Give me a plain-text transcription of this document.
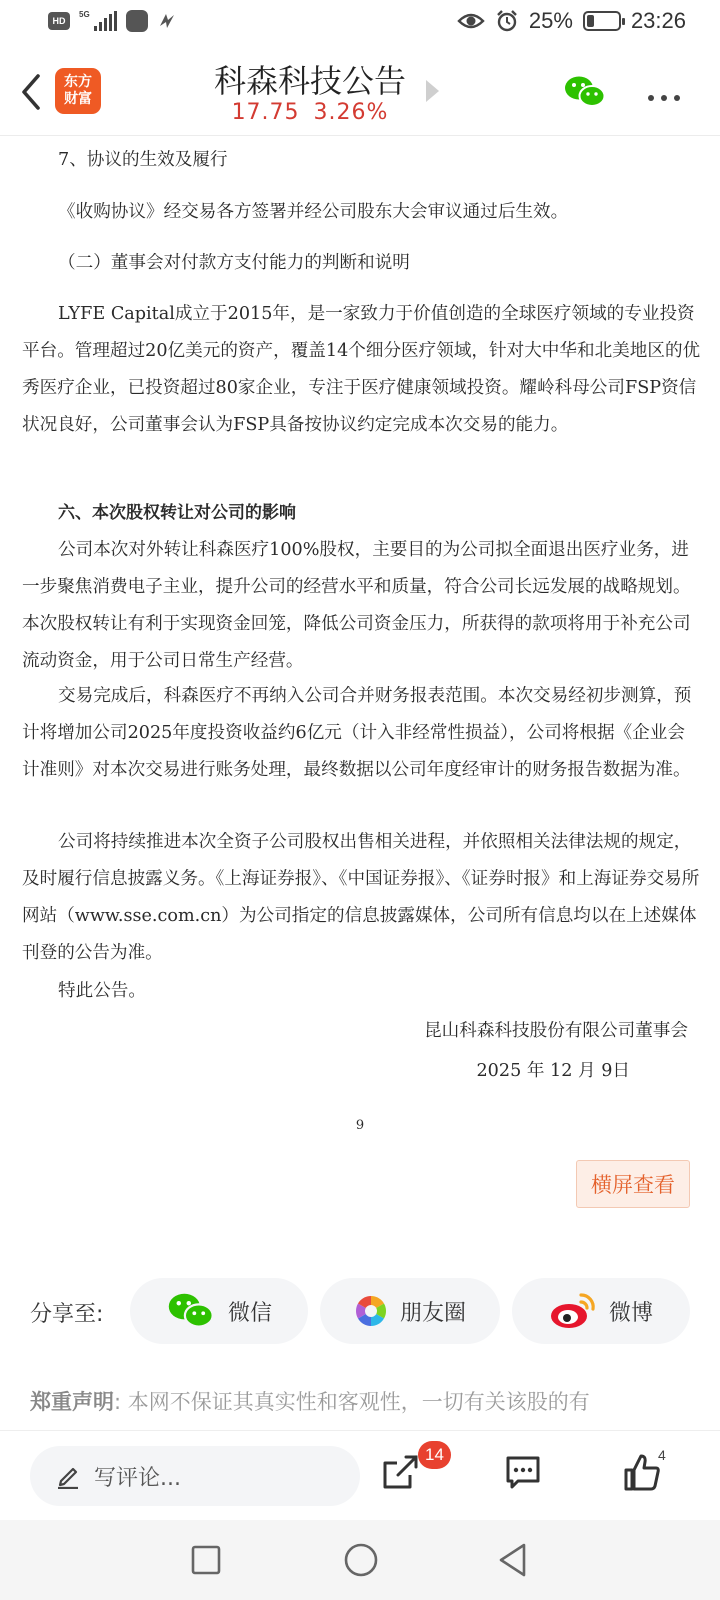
HD
5G	25%	23:26
东方
财富	科森科技公告
17.75 3.26%

7、协议的生效及履行

《收购协议》经交易各方签署并经公司股东大会审议通过后生效。

（二）董事会对付款方支付能力的判断和说明

LYFE Capital成立于2015年，是一家致力于价值创造的全球医疗领域的专业投资平台。管理超过20亿美元的资产，覆盖14个细分医疗领域，针对大中华和北美地区的优秀医疗企业，已投资超过80家企业，专注于医疗健康领域投资。耀岭科母公司FSP资信状况良好，公司董事会认为FSP具备按协议约定完成本次交易的能力。

六、本次股权转让对公司的影响

公司本次对外转让科森医疗100%股权，主要目的为公司拟全面退出医疗业务，进一步聚焦消费电子主业，提升公司的经营水平和质量，符合公司长远发展的战略规划。本次股权转让有利于实现资金回笼，降低公司资金压力，所获得的款项将用于补充公司流动资金，用于公司日常生产经营。

交易完成后，科森医疗不再纳入公司合并财务报表范围。本次交易经初步测算，预计将增加公司2025年度投资收益约6亿元（计入非经常性损益），公司将根据《企业会计准则》对本次交易进行账务处理，最终数据以公司年度经审计的财务报告数据为准。

公司将持续推进本次全资子公司股权出售相关进程，并依照相关法律法规的规定，及时履行信息披露义务。《上海证券报》、《中国证券报》、《证券时报》和上海证券交易所网站（www.sse.com.cn）为公司指定的信息披露媒体，公司所有信息均以在上述媒体刊登的公告为准。

特此公告。

昆山科森科技股份有限公司董事会

2025 年 12 月 9日

9

横屏查看
分享至:	微信	朋友圈	微博
郑重声明: 本网不保证其真实性和客观性，一切有关该股的有
写评论...
14	4
